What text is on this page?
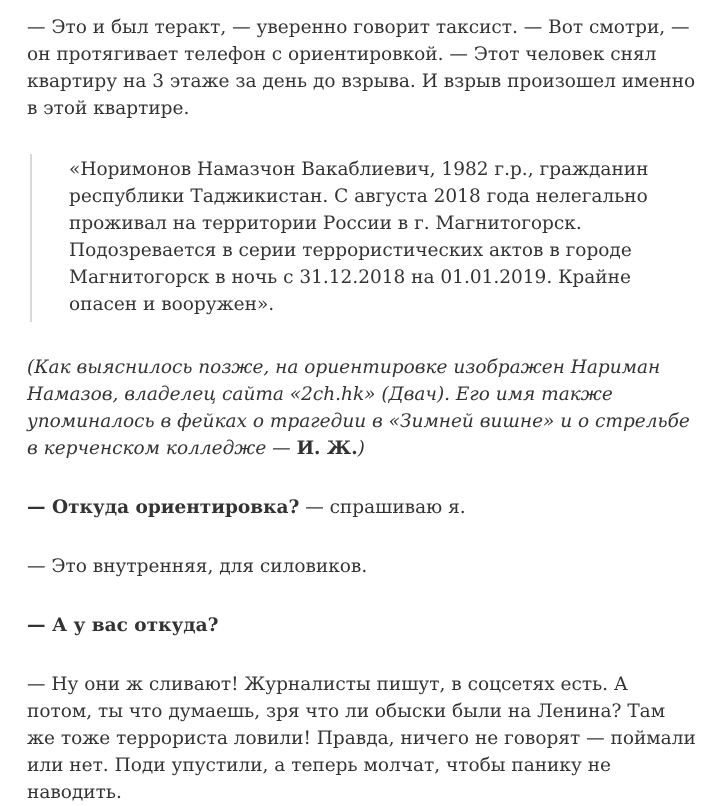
— Это и был теракт, — уверенно говорит таксист. — Вот смотри, — он протягивает телефон с ориентировкой. — Этот человек снял квартиру на 3 этаже за день до взрыва. И взрыв произошел именно в этой квартире.

«Норимонов Намазчон Вакаблиевич, 1982 г.р., гражданин республики Таджикистан. С августа 2018 года нелегально проживал на территории России в г. Магнитогорск. Подозревается в серии террористических актов в городе Магнитогорск в ночь с 31.12.2018 на 01.01.2019. Крайне опасен и вооружен».

(Как выяснилось позже, на ориентировке изображен Нариман Намазов, владелец сайта «2ch.hk» (Двач). Его имя также упоминалось в фейках о трагедии в «Зимней вишне» и о стрельбе в керченском колледже — И. Ж.)

— Откуда ориентировка? — спрашиваю я.

— Это внутренняя, для силовиков.

— А у вас откуда?

— Ну они ж сливают! Журналисты пишут, в соцсетях есть. А потом, ты что думаешь, зря что ли обыски были на Ленина? Там же тоже террориста ловили! Правда, ничего не говорят — поймали или нет. Поди упустили, а теперь молчат, чтобы панику не наводить.
